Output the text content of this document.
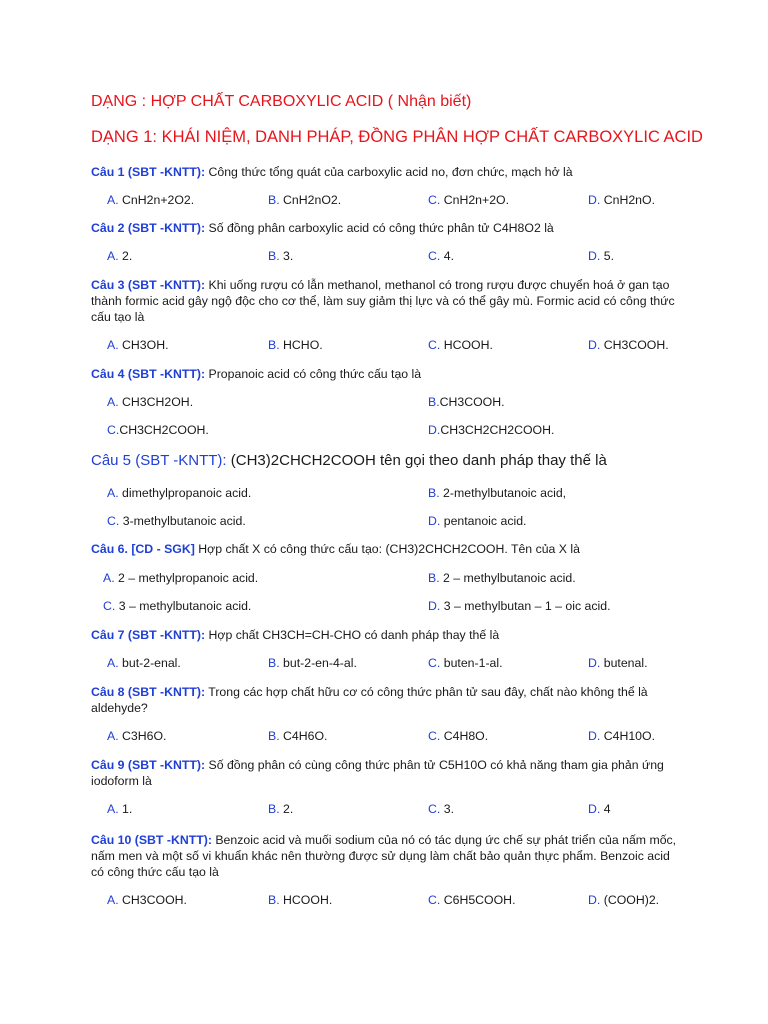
DẠNG : HỢP CHẤT CARBOXYLIC ACID ( Nhận biết)
DẠNG 1: KHÁI NIỆM, DANH PHÁP, ĐỒNG PHÂN HỢP CHẤT CARBOXYLIC ACID
Câu 1 (SBT -KNTT): Công thức tổng quát của carboxylic acid no, đơn chức, mạch hở là
A. CnH2n+2O2.	B. CnH2nO2.	C. CnH2n+2O.	D. CnH2nO.
Câu 2 (SBT -KNTT): Số đồng phân carboxylic acid có công thức phân tử C4H8O2 là
A. 2.	B. 3.	C. 4.	D. 5.
Câu 3 (SBT -KNTT): Khi uống rượu có lẫn methanol, methanol có trong rượu được chuyển hoá ở gan tạo thành formic acid gây ngộ độc cho cơ thể, làm suy giảm thị lực và có thể gây mù. Formic acid có công thức cấu tạo là
A. CH3OH.	B. HCHO.	C. HCOOH.	D. CH3COOH.
Câu 4 (SBT -KNTT): Propanoic acid có công thức cấu tạo là
A. CH3CH2OH.	B.CH3COOH.
C.CH3CH2COOH.	D.CH3CH2CH2COOH.
Câu 5 (SBT -KNTT): (CH3)2CHCH2COOH tên gọi theo danh pháp thay thế là
A. dimethylpropanoic acid.	B. 2-methylbutanoic acid,
C. 3-methylbutanoic acid.	D. pentanoic acid.
Câu 6. [CD - SGK] Hợp chất X có công thức cấu tạo: (CH3)2CHCH2COOH. Tên của X là
A. 2 – methylpropanoic acid.	B. 2 – methylbutanoic acid.
C. 3 – methylbutanoic acid.	D. 3 – methylbutan – 1 – oic acid.
Câu 7 (SBT -KNTT): Hợp chất CH3CH=CH-CHO có danh pháp thay thế là
A. but-2-enal.	B. but-2-en-4-al.	C. buten-1-al.	D. butenal.
Câu 8 (SBT -KNTT): Trong các hợp chất hữu cơ có công thức phân tử sau đây, chất nào không thể là aldehyde?
A. C3H6O.	B. C4H6O.	C. C4H8O.	D. C4H10O.
Câu 9 (SBT -KNTT): Số đồng phân có cùng công thức phân tử C5H10O có khả năng tham gia phản ứng iodoform là
A. 1.	B. 2.	C. 3.	D. 4
Câu 10 (SBT -KNTT): Benzoic acid và muối sodium của nó có tác dụng ức chế sự phát triển của nấm mốc, nấm men và một số vi khuẩn khác nên thường được sử dụng làm chất bảo quản thực phẩm. Benzoic acid có công thức cấu tạo là
A. CH3COOH.	B. HCOOH.	C. C6H5COOH.	D. (COOH)2.
